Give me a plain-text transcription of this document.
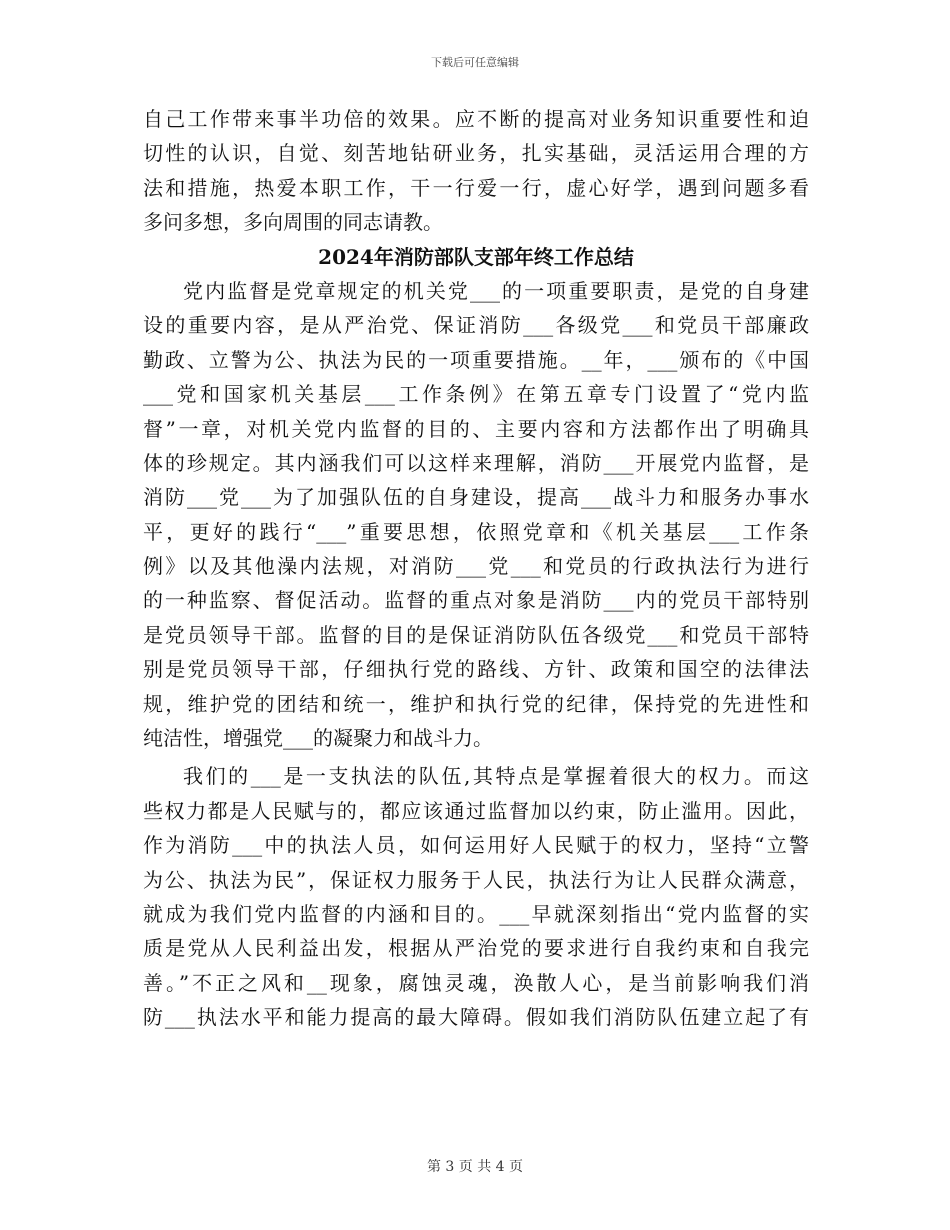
下载后可任意编辑
自己工作带来事半功倍的效果。应不断的提高对业务知识重要性和迫
切性的认识，自觉、刻苦地钻研业务，扎实基础，灵活运用合理的方
法和措施，热爱本职工作，干一行爱一行，虚心好学，遇到问题多看
多问多想，多向周围的同志请教。
2024年消防部队支部年终工作总结
党内监督是党章规定的机关党___的一项重要职责，是党的自身建
设的重要内容，是从严治党、保证消防___各级党___和党员干部廉政
勤政、立警为公、执法为民的一项重要措施。__年，___颁布的《中国
___党和国家机关基层___工作条例》在第五章专门设置了“党内监
督”一章，对机关党内监督的目的、主要内容和方法都作出了明确具
体的珍规定。其内涵我们可以这样来理解，消防___开展党内监督，是
消防___党___为了加强队伍的自身建设，提高___战斗力和服务办事水
平，更好的践行“___”重要思想，依照党章和《机关基层___工作条
例》以及其他澡内法规，对消防___党___和党员的行政执法行为进行
的一种监察、督促活动。监督的重点对象是消防___内的党员干部特别
是党员领导干部。监督的目的是保证消防队伍各级党___和党员干部特
别是党员领导干部，仔细执行党的路线、方针、政策和国空的法律法
规，维护党的团结和统一，维护和执行党的纪律，保持党的先进性和
纯洁性，增强党___的凝聚力和战斗力。
我们的___是一支执法的队伍,其特点是掌握着很大的权力。而这
些权力都是人民赋与的，都应该通过监督加以约束，防止滥用。因此，
作为消防___中的执法人员，如何运用好人民赋于的权力，坚持“立警
为公、执法为民”，保证权力服务于人民，执法行为让人民群众满意，
就成为我们党内监督的内涵和目的。___早就深刻指出“党内监督的实
质是党从人民利益出发，根据从严治党的要求进行自我约束和自我完
善。”不正之风和__现象，腐蚀灵魂，涣散人心，是当前影响我们消
防___执法水平和能力提高的最大障碍。假如我们消防队伍建立起了有
第 3 页 共 4 页
